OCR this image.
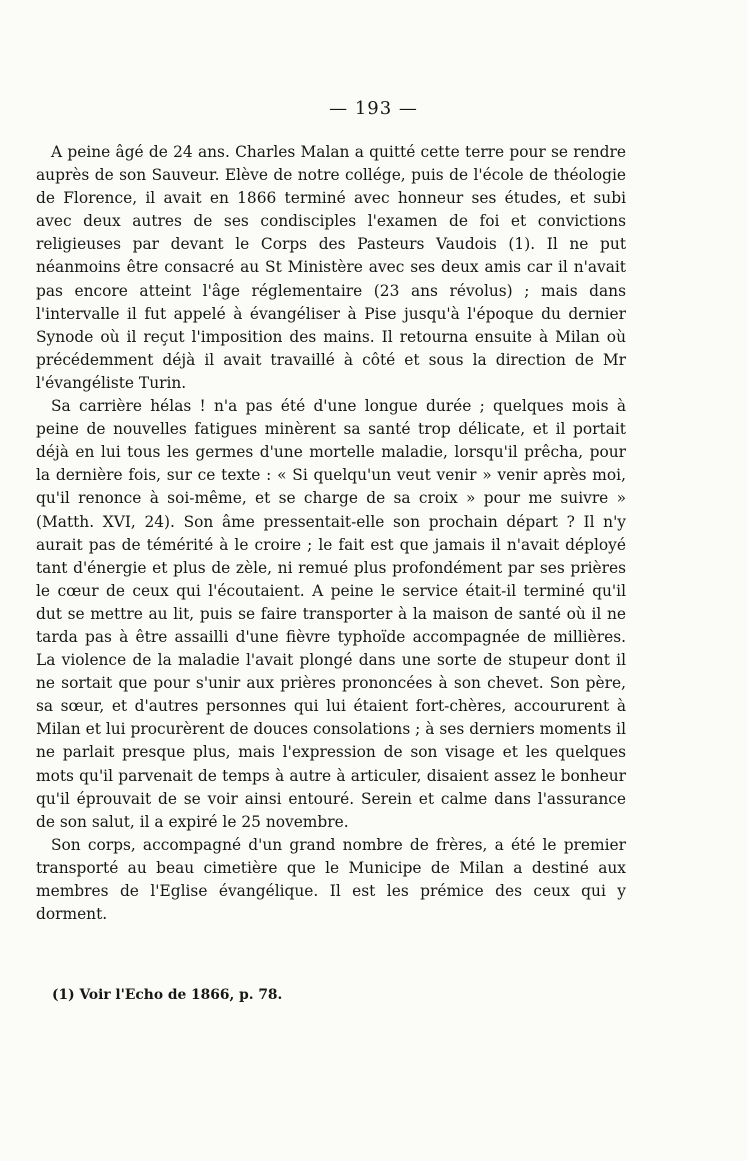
— 193 —

A peine âgé de 24 ans. Charles Malan a quitté cette terre pour se rendre auprès de son Sauveur. Elève de notre collége, puis de l'école de théologie de Florence, il avait en 1866 terminé avec honneur ses études, et subi avec deux autres de ses condisciples l'examen de foi et convictions religieuses par devant le Corps des Pasteurs Vaudois (1). Il ne put néanmoins être consacré au St Ministère avec ses deux amis car il n'avait pas encore atteint l'âge réglementaire (23 ans révolus) ; mais dans l'intervalle il fut appelé à évangéliser à Pise jusqu'à l'époque du dernier Synode où il reçut l'imposition des mains. Il retourna ensuite à Milan où précédemment déjà il avait travaillé à côté et sous la direction de Mr l'évangéliste Turin.

Sa carrière hélas ! n'a pas été d'une longue durée ; quelques mois à peine de nouvelles fatigues minèrent sa santé trop délicate, et il portait déjà en lui tous les germes d'une mortelle maladie, lorsqu'il prêcha, pour la dernière fois, sur ce texte : « Si quelqu'un veut venir » venir après moi, qu'il renonce à soi-même, et se charge de sa croix » pour me suivre » (Matth. XVI, 24). Son âme pressentait-elle son prochain départ ? Il n'y aurait pas de témérité à le croire ; le fait est que jamais il n'avait déployé tant d'énergie et plus de zèle, ni remué plus profondément par ses prières le cœur de ceux qui l'écoutaient. A peine le service était-il terminé qu'il dut se mettre au lit, puis se faire transporter à la maison de santé où il ne tarda pas à être assailli d'une fièvre typhoïde accompagnée de millières. La violence de la maladie l'avait plongé dans une sorte de stupeur dont il ne sortait que pour s'unir aux prières prononcées à son chevet. Son père, sa sœur, et d'autres personnes qui lui étaient fort-chères, accoururent à Milan et lui procurèrent de douces consolations ; à ses derniers moments il ne parlait presque plus, mais l'expression de son visage et les quelques mots qu'il parvenait de temps à autre à articuler, disaient assez le bonheur qu'il éprouvait de se voir ainsi entouré. Serein et calme dans l'assurance de son salut, il a expiré le 25 novembre.

Son corps, accompagné d'un grand nombre de frères, a été le premier transporté au beau cimetière que le Municipe de Milan a destiné aux membres de l'Eglise évangélique. Il est les prémice des ceux qui y dorment.

(1) Voir l'Echo de 1866, p. 78.
